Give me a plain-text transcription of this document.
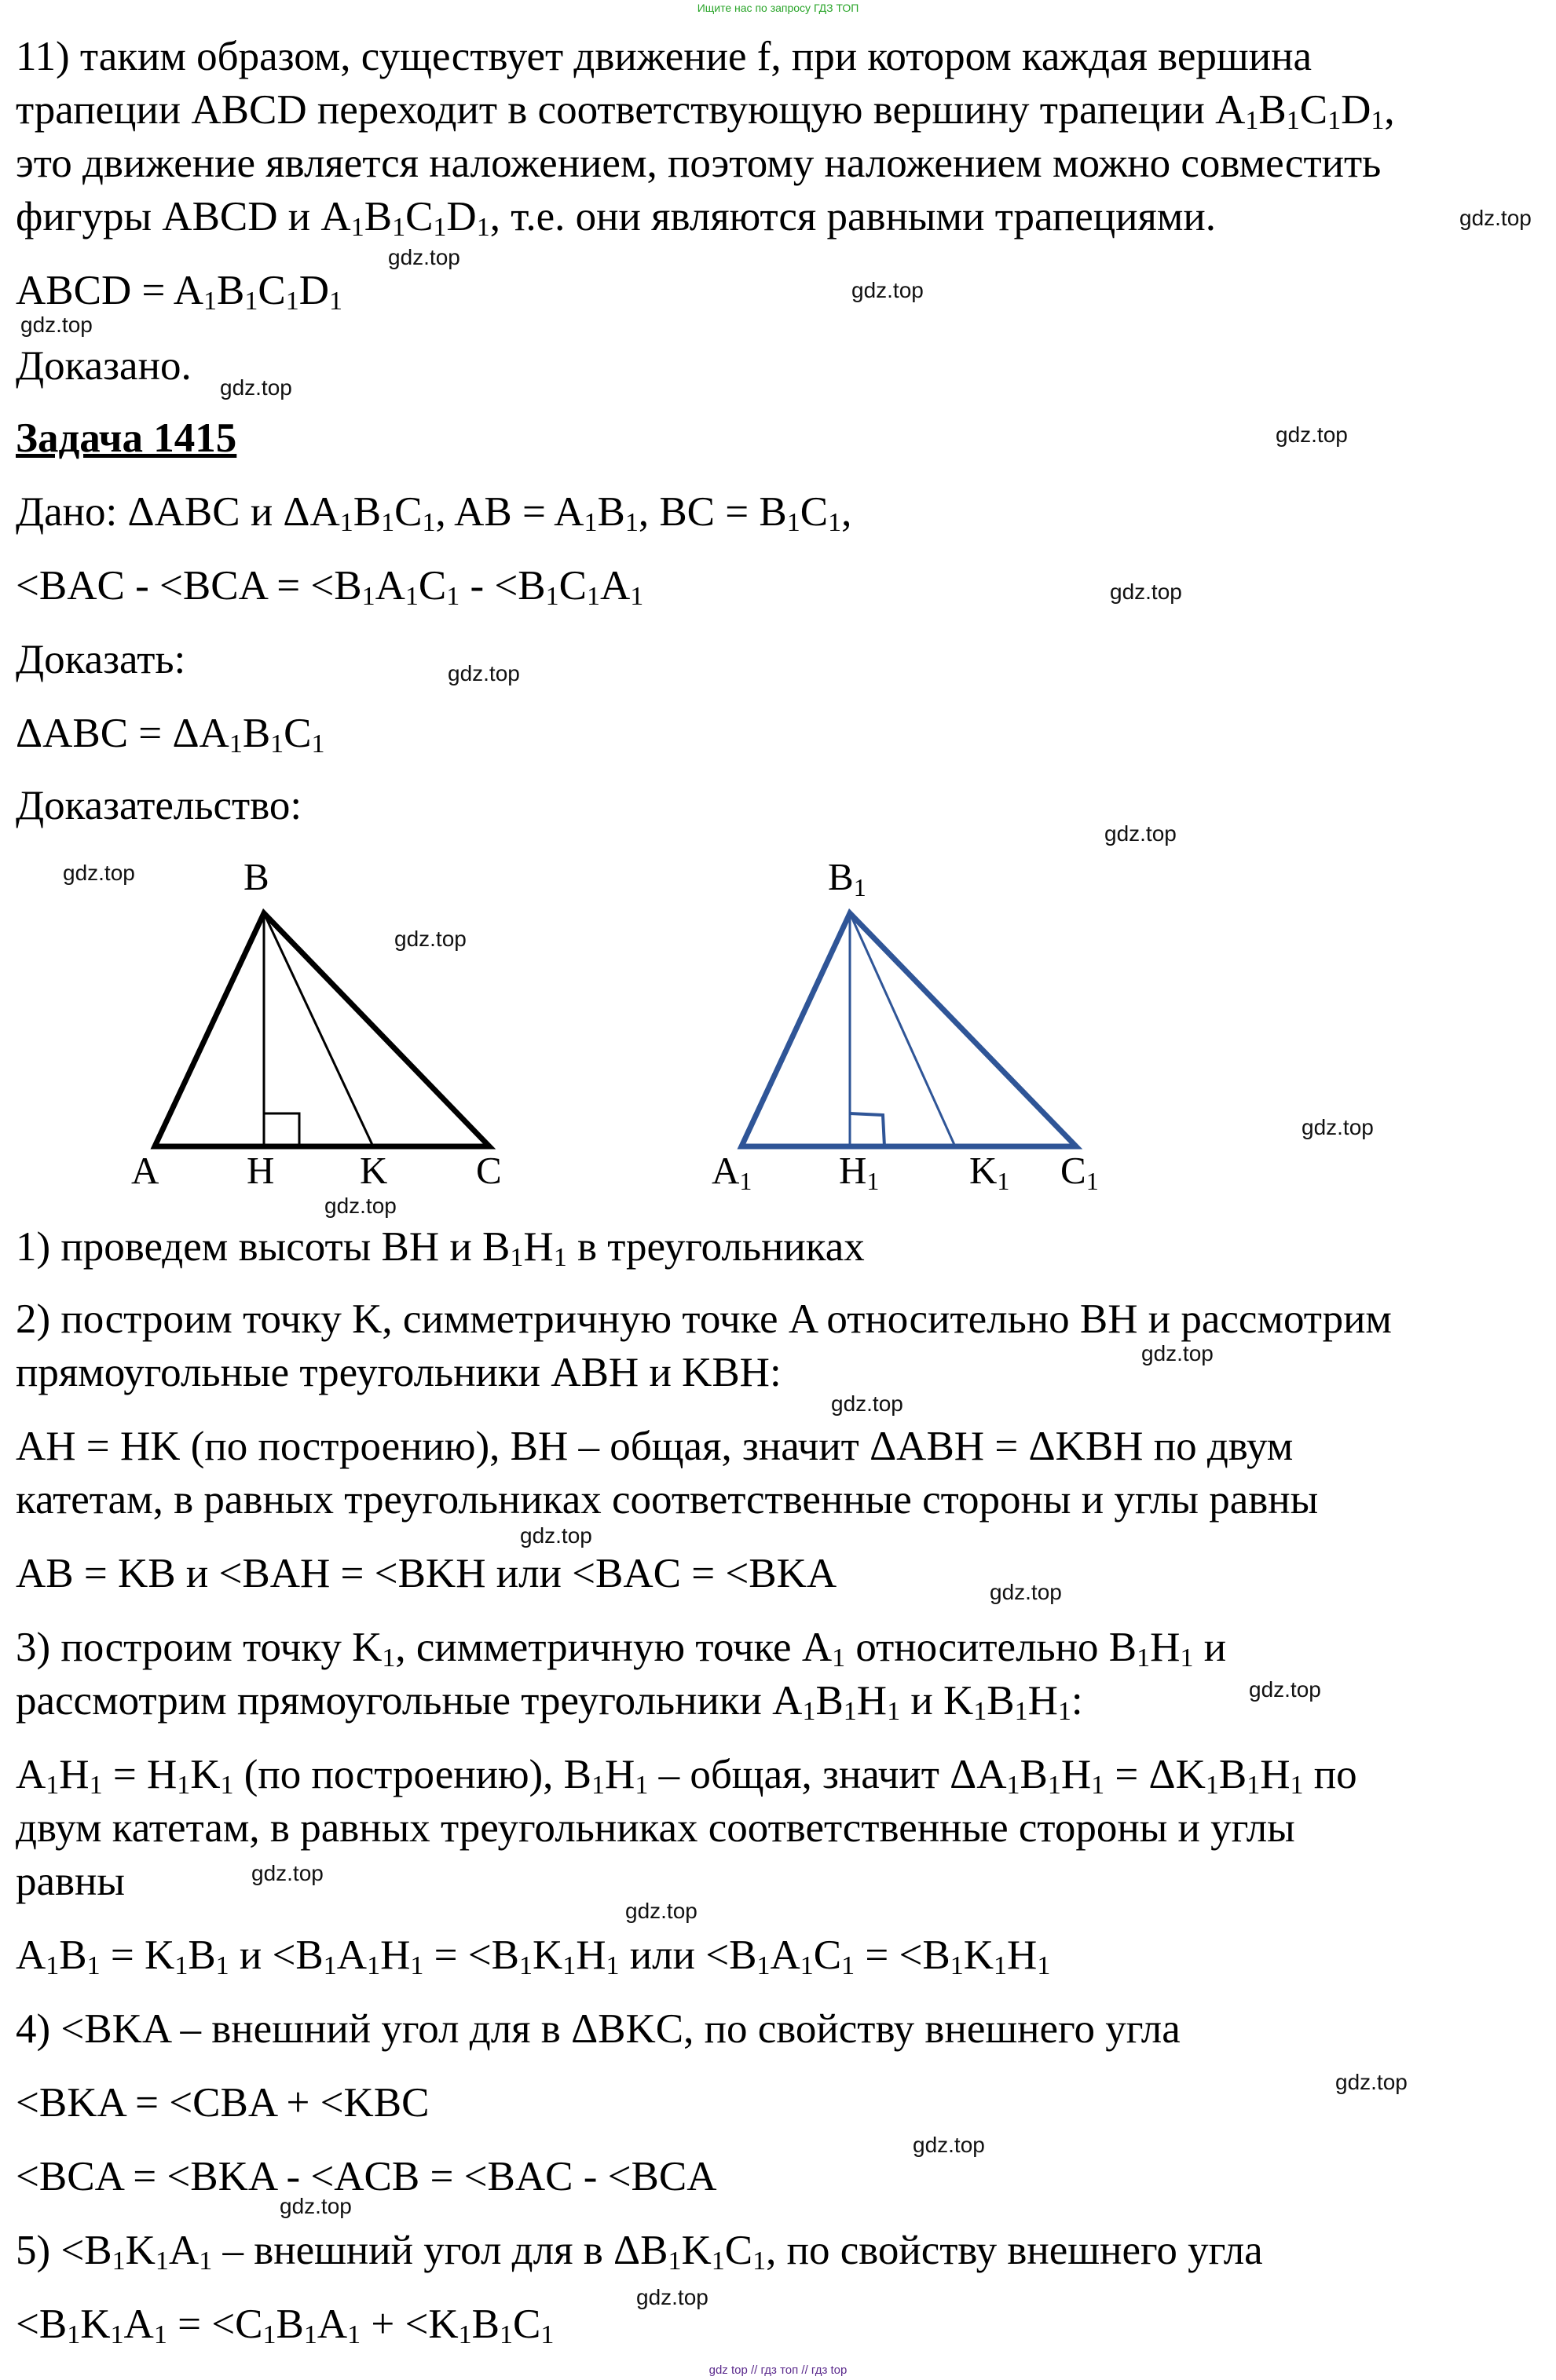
Ищите нас по запросу ГДЗ ТОП
11) таким образом, существует движение f, при котором каждая вершина
трапеции ABCD переходит в соответствующую вершину трапеции $A_1B_1C_1D_1$,
это движение является наложением, поэтому наложением можно совместить
фигуры ABCD и $A_1B_1C_1D_1$, т.е. они являются равными трапециями.
ABCD = $A_1B_1C_1D_1$
Доказано.
Задача 1415
Дано: ΔABC и $\Delta A_1B_1C_1$, AB = $A_1B_1$, BC = $B_1C_1$,
$<BAC - <BCA = <B_1A_1C_1 - <B_1C_1A_1$
Доказать:
$\Delta ABC = \Delta A_1B_1C_1$
Доказательство:
B
A H K C
$B_1$
$A_1$ $H_1$ $K_1$ $C_1$
1) проведем высоты BH и $B_1H_1$ в треугольниках
2) построим точку K, симметричную точке A относительно BH и рассмотрим
прямоугольные треугольники ABH и KBH:
AH = HK (по построению), BH – общая, значит ΔABH = ΔKBH по двум
катетам, в равных треугольниках соответственные стороны и углы равны
AB = KB и <BAH = <BKH или <BAC = <BKA
3) построим точку $K_1$, симметричную точке $A_1$ относительно $B_1H_1$ и
рассмотрим прямоугольные треугольники $A_1B_1H_1$ и $K_1B_1H_1$:
$A_1H_1 = H_1K_1$ (по построению), $B_1H_1$ – общая, значит $\Delta A_1B_1H_1 = \Delta K_1B_1H_1$ по
двум катетам, в равных треугольниках соответственные стороны и углы
равны
$A_1B_1 = K_1B_1$ $и <B_1A_1H_1 = <B_1K_1H_1$ или $<B_1A_1C_1 = <B_1K_1H_1$
4) <BKA – внешний угол для в ΔBKC, по свойству внешнего угла
<BKA = <CBA + <KBC
<BCA = <BKA - <ACB = <BAC - <BCA
$5) <B_1K_1A_1$ – внешний угол для в $\Delta B_1K_1C_1$, по свойству внешнего угла
$<B_1K_1A_1 = <C_1B_1A_1 + <K_1B_1C_1$
gdz.top
gdz.top
gdz.top
gdz.top
gdz.top
gdz.top
gdz.top
gdz.top
gdz.top
gdz.top
gdz.top
gdz.top
gdz.top
gdz.top
gdz.top
gdz.top
gdz.top
gdz.top
gdz.top
gdz.top
gdz.top
gdz.top
gdz.top
gdz.top
gdz top // гдз топ // гдз top
